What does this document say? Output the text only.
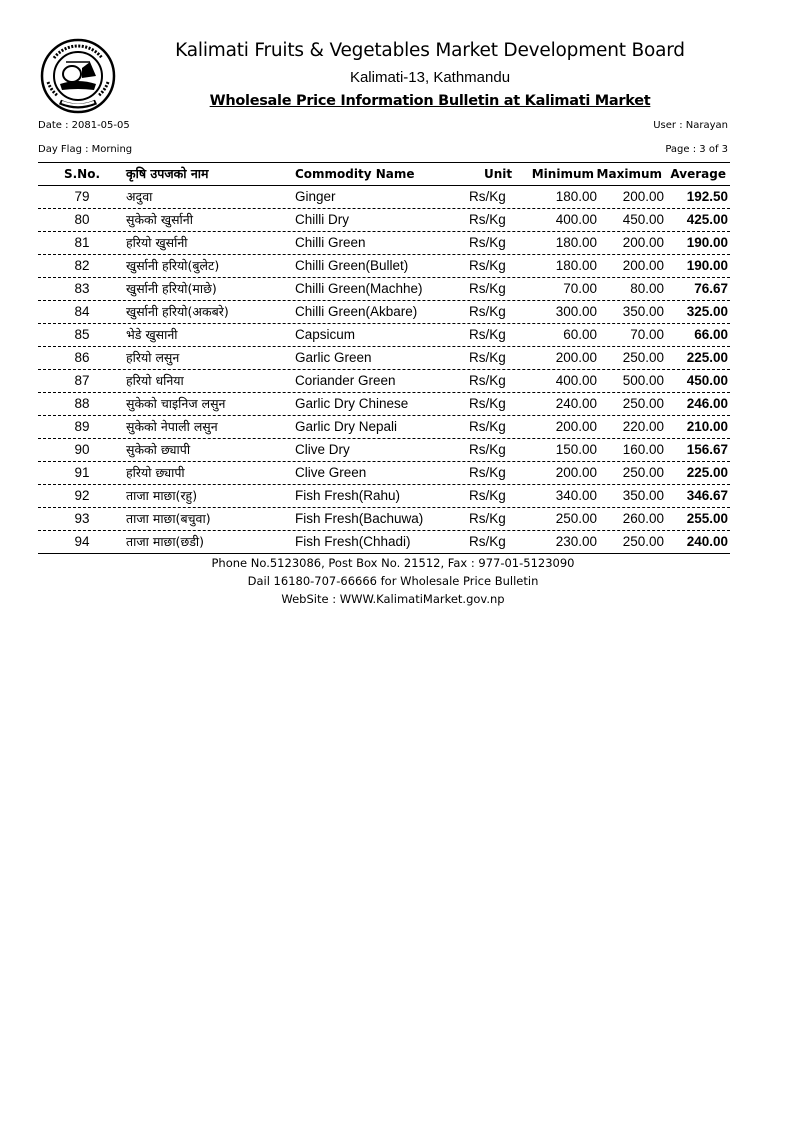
Kalimati Fruits & Vegetables Market Development Board
Kalimati-13, Kathmandu
Wholesale Price Information Bulletin at Kalimati Market
Date : 2081-05-05	User : Narayan
Day Flag : Morning	Page : 3 of 3
S.No.	कृषि उपजको नाम	Commodity Name	Unit Minimum Maximum Average
79	अदुवा	Ginger	Rs/Kg	180.00 200.00 192.50
80	सुकेको खुर्सानी	Chilli Dry	Rs/Kg	400.00 450.00 425.00
81	हरियो खुर्सानी	Chilli Green	Rs/Kg	180.00 200.00 190.00
82	खुर्सानी हरियो(बुलेट)	Chilli Green(Bullet)	Rs/Kg	180.00 200.00 190.00
83	खुर्सानी हरियो(माछे)	Chilli Green(Machhe)	Rs/Kg	70.00 80.00 76.67
84	खुर्सानी हरियो(अकबरे)	Chilli Green(Akbare)	Rs/Kg	300.00 350.00 325.00
85	भेडे खुसानी	Capsicum	Rs/Kg	60.00 70.00 66.00
86	हरियो लसुन	Garlic Green	Rs/Kg	200.00 250.00 225.00
87	हरियो धनिया	Coriander Green	Rs/Kg	400.00 500.00 450.00
88	सुकेको चाइनिज लसुन	Garlic Dry Chinese	Rs/Kg	240.00 250.00 246.00
89	सुकेको नेपाली लसुन	Garlic Dry Nepali	Rs/Kg	200.00 220.00 210.00
90	सुकेको छ्यापी	Clive Dry	Rs/Kg	150.00 160.00 156.67
91	हरियो छ्यापी	Clive Green	Rs/Kg	200.00 250.00 225.00
92	ताजा माछा(रहु)	Fish Fresh(Rahu)	Rs/Kg	340.00 350.00 346.67
93	ताजा माछा(बचुवा)	Fish Fresh(Bachuwa)	Rs/Kg	250.00 260.00 255.00
94	ताजा माछा(छडी)	Fish Fresh(Chhadi)	Rs/Kg	230.00 250.00 240.00
Phone No.5123086, Post Box No. 21512, Fax : 977-01-5123090
Dail 16180-707-66666 for Wholesale Price Bulletin
WebSite : WWW.KalimatiMarket.gov.np
